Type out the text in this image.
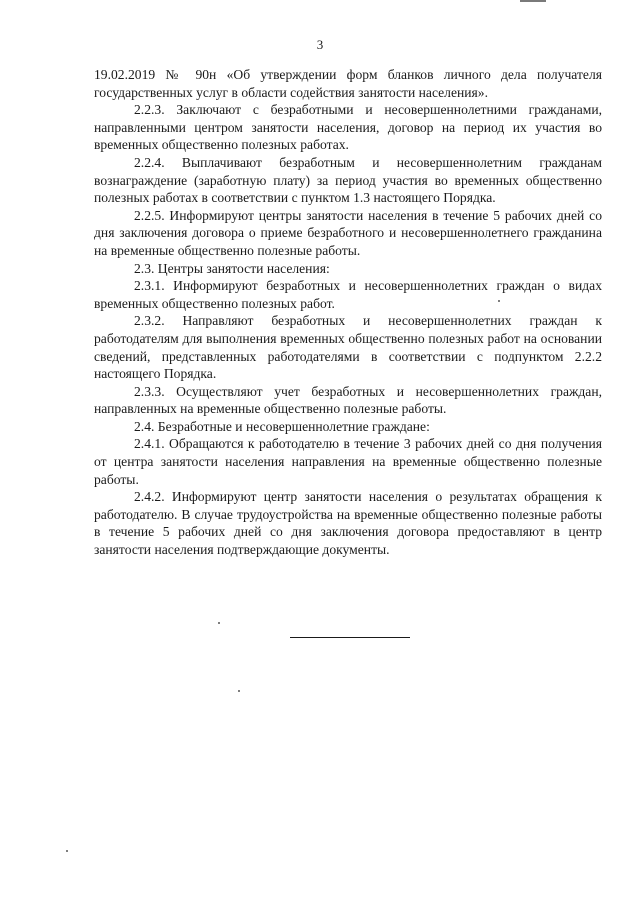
3

19.02.2019 № 90н «Об утверждении форм бланков личного дела получателя государственных услуг в области содействия занятости населения».

2.2.3. Заключают с безработными и несовершеннолетними гражданами, направленными центром занятости населения, договор на период их участия во временных общественно полезных работах.

2.2.4. Выплачивают безработным и несовершеннолетним гражданам вознаграждение (заработную плату) за период участия во временных общественно полезных работах в соответствии с пунктом 1.3 настоящего Порядка.

2.2.5. Информируют центры занятости населения в течение 5 рабочих дней со дня заключения договора о приеме безработного и несовершеннолетнего гражданина на временные общественно полезные работы.

2.3. Центры занятости населения:

2.3.1. Информируют безработных и несовершеннолетних граждан о видах временных общественно полезных работ.

2.3.2. Направляют безработных и несовершеннолетних граждан к работодателям для выполнения временных общественно полезных работ на основании сведений, представленных работодателями в соответствии с подпунктом 2.2.2 настоящего Порядка.

2.3.3. Осуществляют учет безработных и несовершеннолетних граждан, направленных на временные общественно полезные работы.

2.4. Безработные и несовершеннолетние граждане:

2.4.1. Обращаются к работодателю в течение 3 рабочих дней со дня получения от центра занятости населения направления на временные общественно полезные работы.

2.4.2. Информируют центр занятости населения о результатах обращения к работодателю. В случае трудоустройства на временные общественно полезные работы в течение 5 рабочих дней со дня заключения договора предоставляют в центр занятости населения подтверждающие документы.
